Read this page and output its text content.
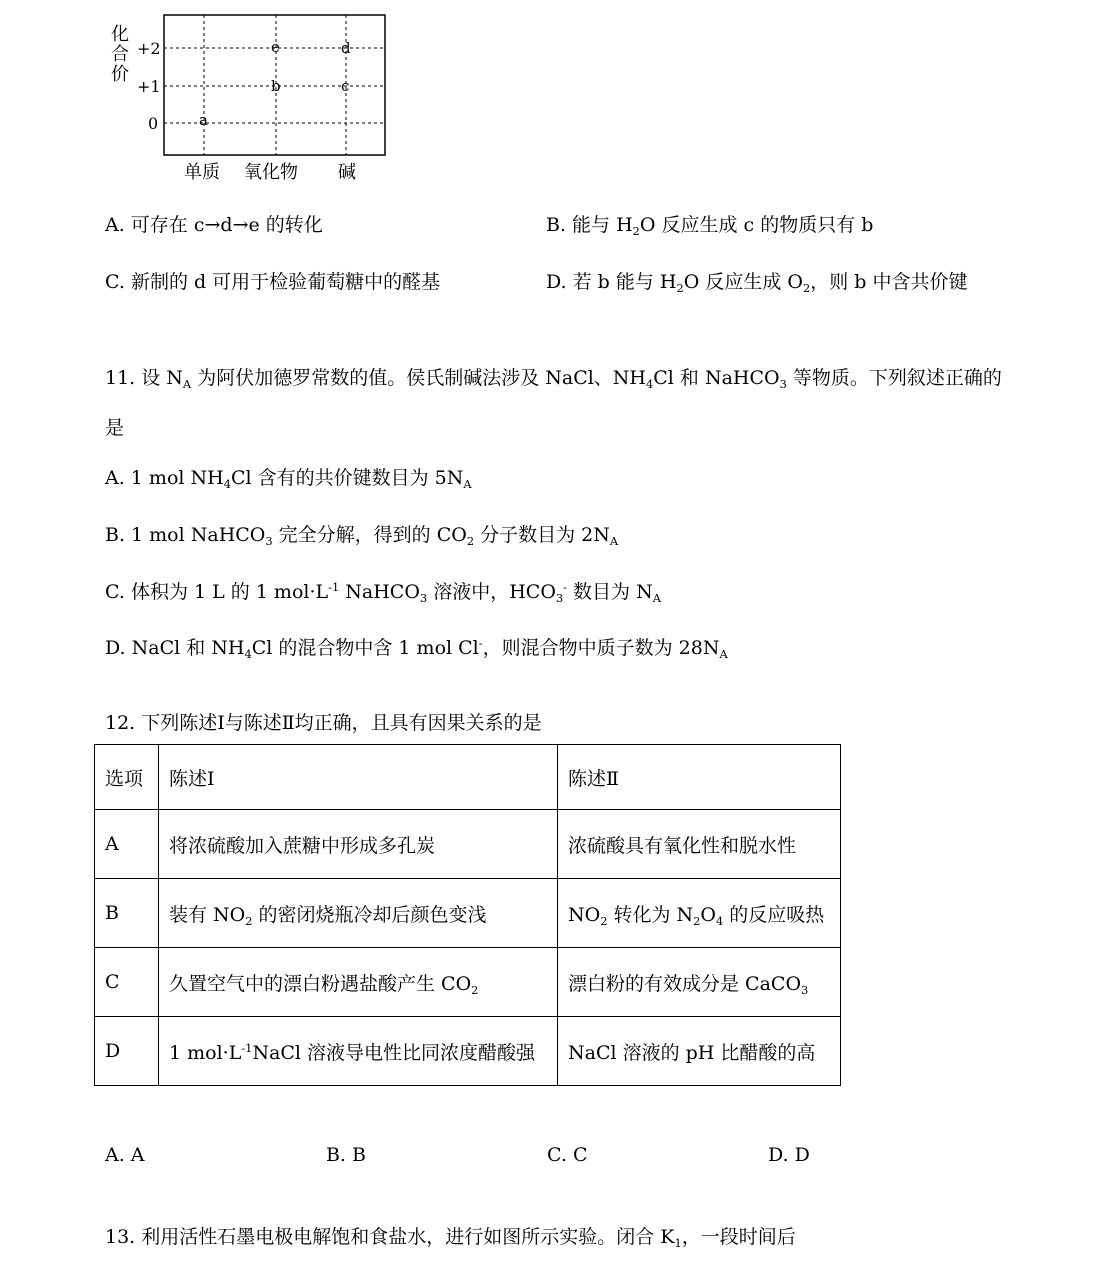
化
合
价
+2
+1
0
单质 氧化物 碱
a
b
e
c
d
A. 可存在 c→d→e 的转化	B. 能与 $H_2O$ 反应生成 c 的物质只有 b
C. 新制的 d 可用于检验葡萄糖中的醛基	D. 若 b 能与 $H_2O$ 反应生成 $O_2$，则 b 中含共价键
11. 设 $N_A$ 为阿伏加德罗常数的值。侯氏制碱法涉及 NaCl、$NH_4Cl$ 和 NaHCO$_3$ 等物质。下列叙述正确的
是
A. 1 mol $NH_4Cl$ 含有的共价键数目为 $5N_A$
B. 1 mol NaHCO$_3$ 完全分解，得到的 $CO_2$ 分子数目为 $2N_A$
C. 体积为 1 L 的 1 $mol\cdot L^{-1}$ NaHCO$_3$ 溶液中，$HCO_3^-$ 数目为 $N_A$
D. NaCl 和 $NH_4Cl$ 的混合物中含 1 mol Cl-，则混合物中质子数为 $28N_A$
12. 下列陈述Ⅰ与陈述Ⅱ均正确，且具有因果关系的是
选项	陈述Ⅰ	陈述Ⅱ
A	将浓硫酸加入蔗糖中形成多孔炭	浓硫酸具有氧化性和脱水性
B	装有 $NO_2$ 的密闭烧瓶冷却后颜色变浅	$NO_2$ 转化为 $N_2O_4$ 的反应吸热
C	久置空气中的漂白粉遇盐酸产生 $CO_2$	漂白粉的有效成分是 CaCO$_3$
D	1 $mol\cdot L^{-1}NaCl$ 溶液导电性比同浓度醋酸强	NaCl 溶液的 pH 比醋酸的高
A. A	B. B	C. C	D. D
13. 利用活性石墨电极电解饱和食盐水，进行如图所示实验。闭合 $K_1$，一段时间后
